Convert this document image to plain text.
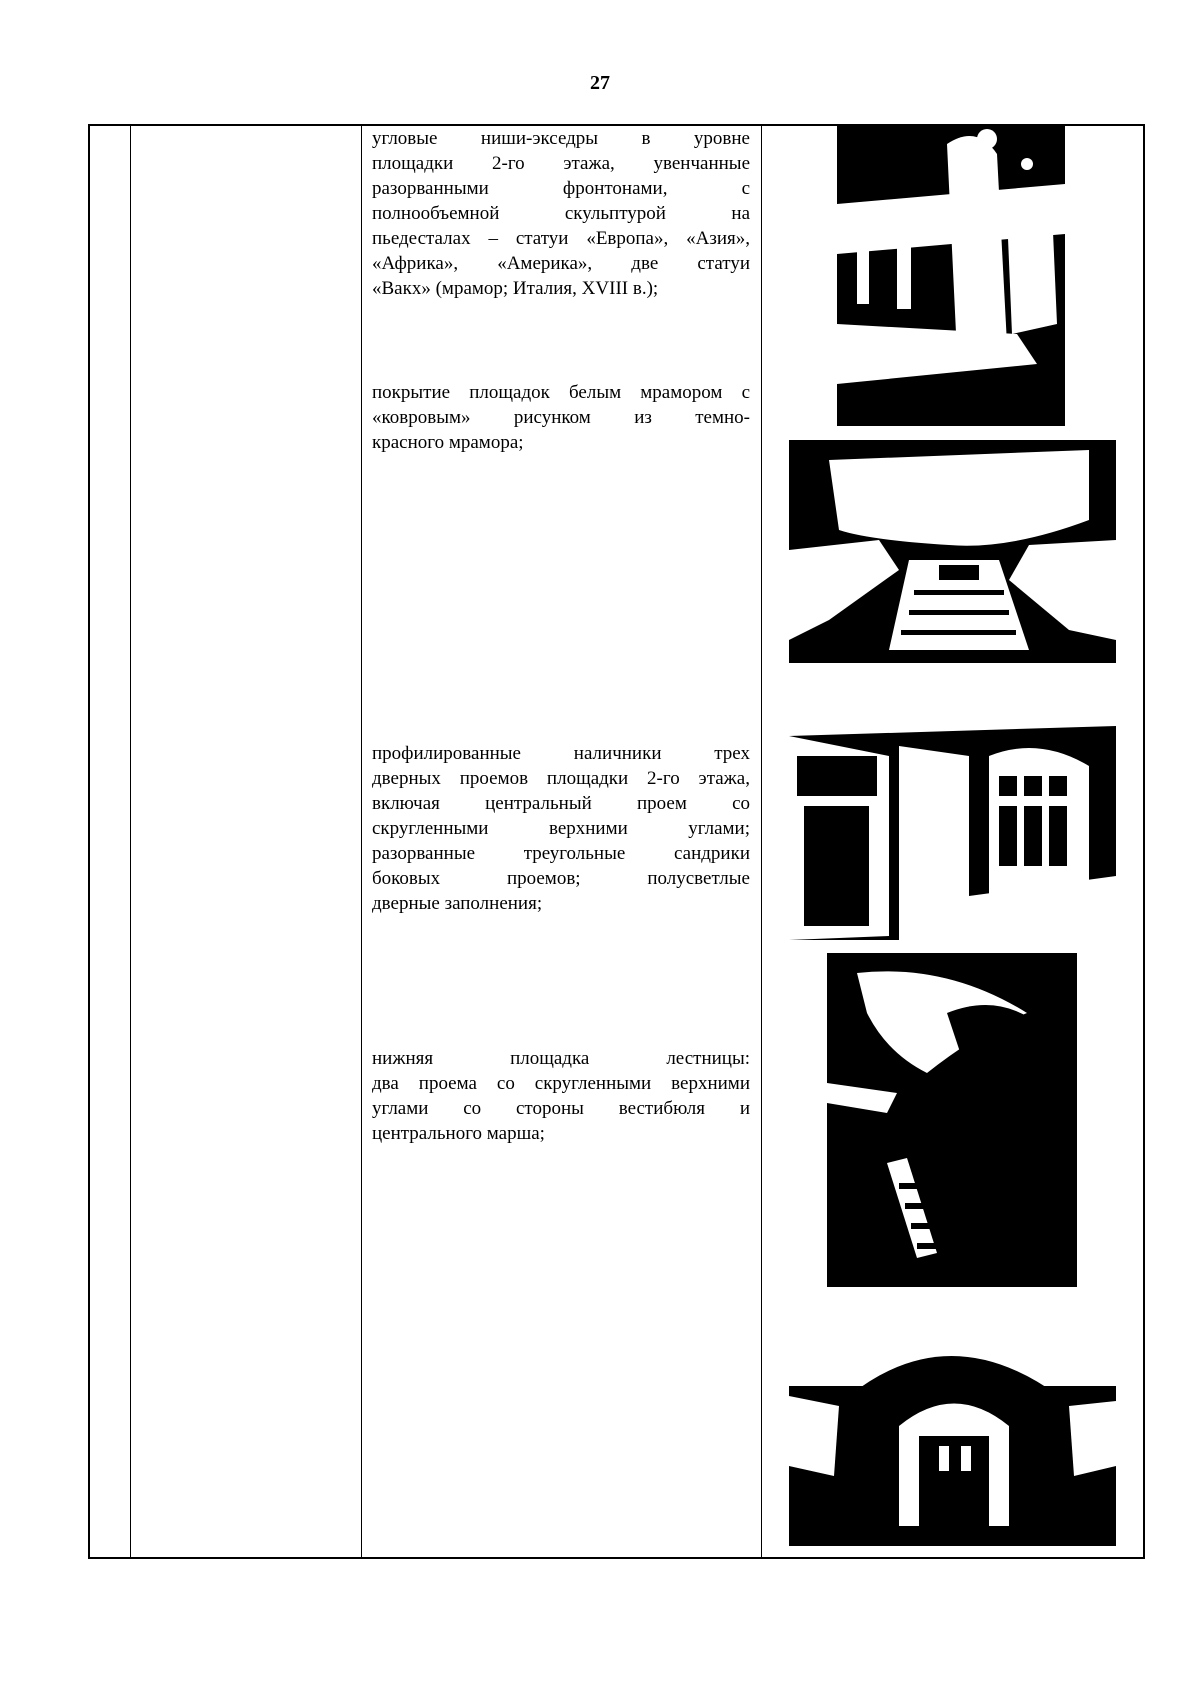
27
угловые ниши-экседры в уровне
площадки 2-го этажа, увенчанные
разорванными фронтонами, с
полнообъемной скульптурой на
пьедесталах – статуи «Европа», «Азия»,
«Африка», «Америка», две статуи
«Вакх» (мрамор; Италия, XVIII в.);
покрытие площадок белым мрамором с
«ковровым» рисунком из темно-
красного мрамора;
профилированные наличники трех
дверных проемов площадки 2-го этажа,
включая центральный проем со
скругленными верхними углами;
разорванные треугольные сандрики
боковых проемов; полусветлые
дверные заполнения;
нижняя площадка лестницы:
два проема со скругленными верхними
углами со стороны вестибюля и
центрального марша;
